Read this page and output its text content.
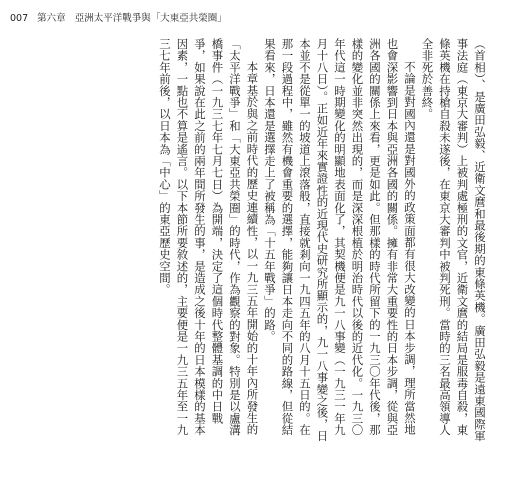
007 第六章 亞洲太平洋戰爭與「大東亞共榮圈」

（首相）、是廣田弘毅、近衛文麿和最後期的東條英機。廣田弘毅是遠東國際軍事法庭（東京大審判）上被判處極刑的文官，近衛文麿的結局是服毒自殺，東條英機在持槍自殺未遂後，在東京大審判中被判死刑。當時的三名最高領導人全非死於善終。

不論是對國內還是對國外的政策面都有很大改變的日本步調，理所當然地也會深影響到日本與亞洲各國的關係。擁有非常大重要性的日本步調，從與亞洲各國的關係上來看，更是如此。但那樣的時代所留下的一九三〇年代後，那樣的變化並非突然出現的，而是深深根植於明治時代以後的近代化。一九三〇年代這一時期變化的明顯地表面化了，其契機便是九一八事變（一九三一年九月十八日）。正如近年來實證性的近現代史研究所顯示的，九一八事變之後，日本並不是從單一的坡道上滾落般，直接就剎向一九四五年的八月十五日的。在那一段過程中，雖然有機會重要的選擇，能夠讓日本走向不同的路線，但從結果看來，日本還是選擇走上了被稱為「十五年戰爭」的路。

本章基於與之前時代的歷史連續性，以一九三五年開始的十年內所發生的「太平洋戰爭」和「大東亞共榮圈」的時代，作為觀察的對象。特別是以盧溝橋事件（一九三七年七月七日）為開端，決定了這個時代整體基調的中日戰爭，如果說在此之前的兩年間所發生的事，是造成之後十年的日本模樣的基本因素，一點也不算是遙言。以下本節所要敘述的，主要便是一九三五年至一九三七年前後，以日本為「中心」的東亞歷史空間。
